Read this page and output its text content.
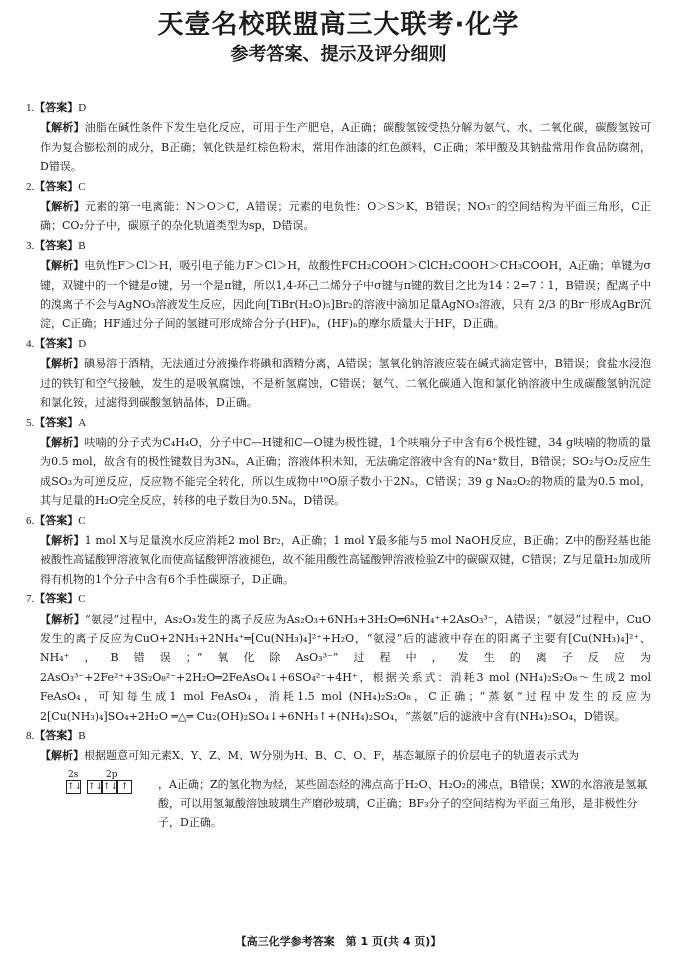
天壹名校联盟高三大联考·化学
参考答案、提示及评分细则
1.【答案】D
【解析】油脂在碱性条件下发生皂化反应，可用于生产肥皂，A正确；碳酸氢铵受热分解为氨气、水、二氧化碳，碳酸氢铵可作为复合膨松剂的成分，B正确；氧化铁是红棕色粉末，常用作油漆的红色颜料，C正确；苯甲酸及其钠盐常用作食品防腐剂，D错误。
2.【答案】C
【解析】元素的第一电离能：N＞O＞C，A错误；元素的电负性：O＞S＞K，B错误；NO₃⁻的空间结构为平面三角形，C正确；CO₂分子中，碳原子的杂化轨道类型为sp，D错误。
3.【答案】B
【解析】电负性F＞Cl＞H，吸引电子能力F＞Cl＞H，故酸性FCH₂COOH＞ClCH₂COOH＞CH₃COOH，A正确；单键为σ键，双键中的一个键是σ键，另一个是π键，所以1,4-环己二烯分子中σ键与π键的数目之比为14∶2=7∶1，B错误；配离子中的溴离子不会与AgNO₃溶液发生反应，因此向[TiBr(H₂O)₅]Br₂的溶液中滴加足量AgNO₃溶液，只有 2/3 的Br⁻形成AgBr沉淀，C正确；HF通过分子间的氢键可形成缔合分子(HF)ₙ，(HF)ₙ的摩尔质量大于HF，D正确。
4.【答案】D
【解析】碘易溶于酒精，无法通过分液操作将碘和酒精分离，A错误；氢氧化钠溶液应装在碱式滴定管中，B错误；食盐水浸泡过的铁钉和空气接触，发生的是吸氧腐蚀，不是析氢腐蚀，C错误；氨气、二氧化碳通入饱和氯化钠溶液中生成碳酸氢钠沉淀和氯化铵，过滤得到碳酸氢钠晶体，D正确。
5.【答案】A
【解析】呋喃的分子式为C₄H₄O，分子中C—H键和C—O键为极性键，1个呋喃分子中含有6个极性键，34 g呋喃的物质的量为0.5 mol，故含有的极性键数目为3Nₐ，A正确；溶液体积未知，无法确定溶液中含有的Na⁺数目，B错误；SO₂与O₂反应生成SO₃为可逆反应，反应物不能完全转化，所以生成物中¹⁸O原子数小于2Nₐ，C错误；39 g Na₂O₂的物质的量为0.5 mol，其与足量的H₂O完全反应，转移的电子数目为0.5Nₐ，D错误。
6.【答案】C
【解析】1 mol X与足量溴水反应消耗2 mol Br₂，A正确；1 mol Y最多能与5 mol NaOH反应，B正确；Z中的酚羟基也能被酸性高锰酸钾溶液氧化而使高锰酸钾溶液褪色，故不能用酸性高锰酸钾溶液检验Z中的碳碳双键，C错误；Z与足量H₂加成所得有机物的1个分子中含有6个手性碳原子，D正确。
7.【答案】C
【解析】“氨浸”过程中，As₂O₃发生的离子反应为As₂O₃+6NH₃+3H₂O═6NH₄⁺+2AsO₃³⁻，A错误；“氨浸”过程中，CuO发生的离子反应为CuO+2NH₃+2NH₄⁺═[Cu(NH₃)₄]²⁺+H₂O，“氨浸”后的滤液中存在的阳离子主要有[Cu(NH₃)₄]²⁺、NH₄⁺，B错误；“氧化除AsO₃³⁻”过程中，发生的离子反应为2AsO₃³⁻+2Fe²⁺+3S₂O₈²⁻+2H₂O═2FeAsO₄↓+6SO₄²⁻+4H⁺，根据关系式：消耗3 mol (NH₄)₂S₂O₈～生成2 mol FeAsO₄，可知每生成1 mol FeAsO₄，消耗1.5 mol (NH₄)₂S₂O₈，C正确；“蒸氨”过程中发生的反应为2[Cu(NH₃)₄]SO₄+2H₂O ═△═ Cu₂(OH)₂SO₄↓+6NH₃↑+(NH₄)₂SO₄，“蒸氨”后的滤液中含有(NH₄)₂SO₄，D错误。
8.【答案】B
【解析】根据题意可知元素X、Y、Z、M、W分别为H、B、C、O、F，基态氟原子的价层电子的轨道表示式为
2s	2p
↑↓ ↑↓ ↑↓ ↑	，A正确；Z的氢化物为烃，某些固态烃的沸点高于H₂O、H₂O₂的沸点，B错误；XW的水溶液是氢氟酸，可以用氢氟酸溶蚀玻璃生产磨砂玻璃，C正确；BF₃分子的空间结构为平面三角形，是非极性分子，D正确。
【高三化学参考答案　第 1 页(共 4 页)】
